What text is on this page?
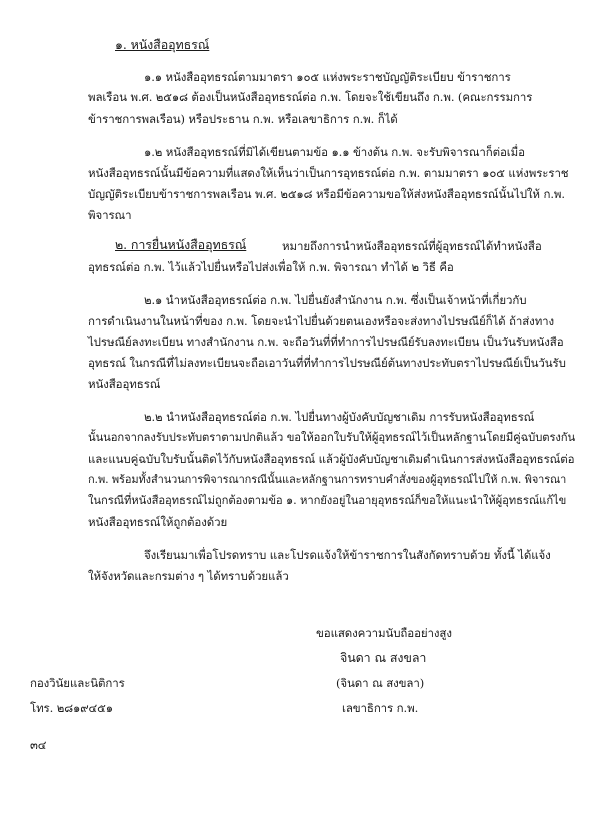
๑. หนังสืออุทธรณ์
๑.๑ หนังสืออุทธรณ์ตามมาตรา ๑๐๕ แห่งพระราชบัญญัติระเบียบ ข้าราชการ
พลเรือน พ.ศ. ๒๕๑๘ ต้องเป็นหนังสืออุทธรณ์ต่อ ก.พ. โดยจะใช้เขียนถึง ก.พ. (คณะกรรมการ
ข้าราชการพลเรือน) หรือประธาน ก.พ. หรือเลขาธิการ ก.พ. ก็ได้
๑.๒ หนังสืออุทธรณ์ที่มิได้เขียนตามข้อ ๑.๑ ข้างต้น ก.พ. จะรับพิจารณาก็ต่อเมื่อ
หนังสืออุทธรณ์นั้นมีข้อความที่แสดงให้เห็นว่าเป็นการอุทธรณ์ต่อ ก.พ. ตามมาตรา ๑๐๕ แห่งพระราช
บัญญัติระเบียบข้าราชการพลเรือน พ.ศ. ๒๕๑๘ หรือมีข้อความขอให้ส่งหนังสืออุทธรณ์นั้นไปให้ ก.พ.
พิจารณา
๒. การยื่นหนังสืออุทธรณ์	หมายถึงการนำหนังสืออุทธรณ์ที่ผู้อุทธรณ์ได้ทำหนังสือ
อุทธรณ์ต่อ ก.พ. ไว้แล้วไปยื่นหรือไปส่งเพื่อให้ ก.พ. พิจารณา ทำได้ ๒ วิธี คือ
๒.๑ นำหนังสืออุทธรณ์ต่อ ก.พ. ไปยื่นยังสำนักงาน ก.พ. ซึ่งเป็นเจ้าหน้าที่เกี่ยวกับ
การดำเนินงานในหน้าที่ของ ก.พ. โดยจะนำไปยื่นด้วยตนเองหรือจะส่งทางไปรษณีย์ก็ได้ ถ้าส่งทาง
ไปรษณีย์ลงทะเบียน ทางสำนักงาน ก.พ. จะถือวันที่ที่ทำการไปรษณีย์รับลงทะเบียน เป็นวันรับหนังสือ
อุทธรณ์ ในกรณีที่ไม่ลงทะเบียนจะถือเอาวันที่ที่ทำการไปรษณีย์ต้นทางประทับตราไปรษณีย์เป็นวันรับ
หนังสืออุทธรณ์
๒.๒ นำหนังสืออุทธรณ์ต่อ ก.พ. ไปยื่นทางผู้บังคับบัญชาเดิม การรับหนังสืออุทธรณ์
นั้นนอกจากลงรับประทับตราตามปกติแล้ว ขอให้ออกใบรับให้ผู้อุทธรณ์ไว้เป็นหลักฐานโดยมีคู่ฉบับตรงกัน
และแนบคู่ฉบับใบรับนั้นติดไว้กับหนังสืออุทธรณ์ แล้วผู้บังคับบัญชาเดิมดำเนินการส่งหนังสืออุทธรณ์ต่อ
ก.พ. พร้อมทั้งสำนวนการพิจารณากรณีนั้นและหลักฐานการทราบคำสั่งของผู้อุทธรณ์ไปให้ ก.พ. พิจารณา
ในกรณีที่หนังสืออุทธรณ์ไม่ถูกต้องตามข้อ ๑. หากยังอยู่ในอายุอุทธรณ์ก็ขอให้แนะนำให้ผู้อุทธรณ์แก้ไข
หนังสืออุทธรณ์ให้ถูกต้องด้วย
จึงเรียนมาเพื่อโปรดทราบ และโปรดแจ้งให้ข้าราชการในสังกัดทราบด้วย ทั้งนี้ ได้แจ้ง
ให้จังหวัดและกรมต่าง ๆ ได้ทราบด้วยแล้ว
ขอแสดงความนับถืออย่างสูง
จินดา ณ สงขลา
(จินดา ณ สงขลา)
เลขาธิการ ก.พ.
กองวินัยและนิติการ
โทร. ๒๘๑๙๔๕๑
๓๔
